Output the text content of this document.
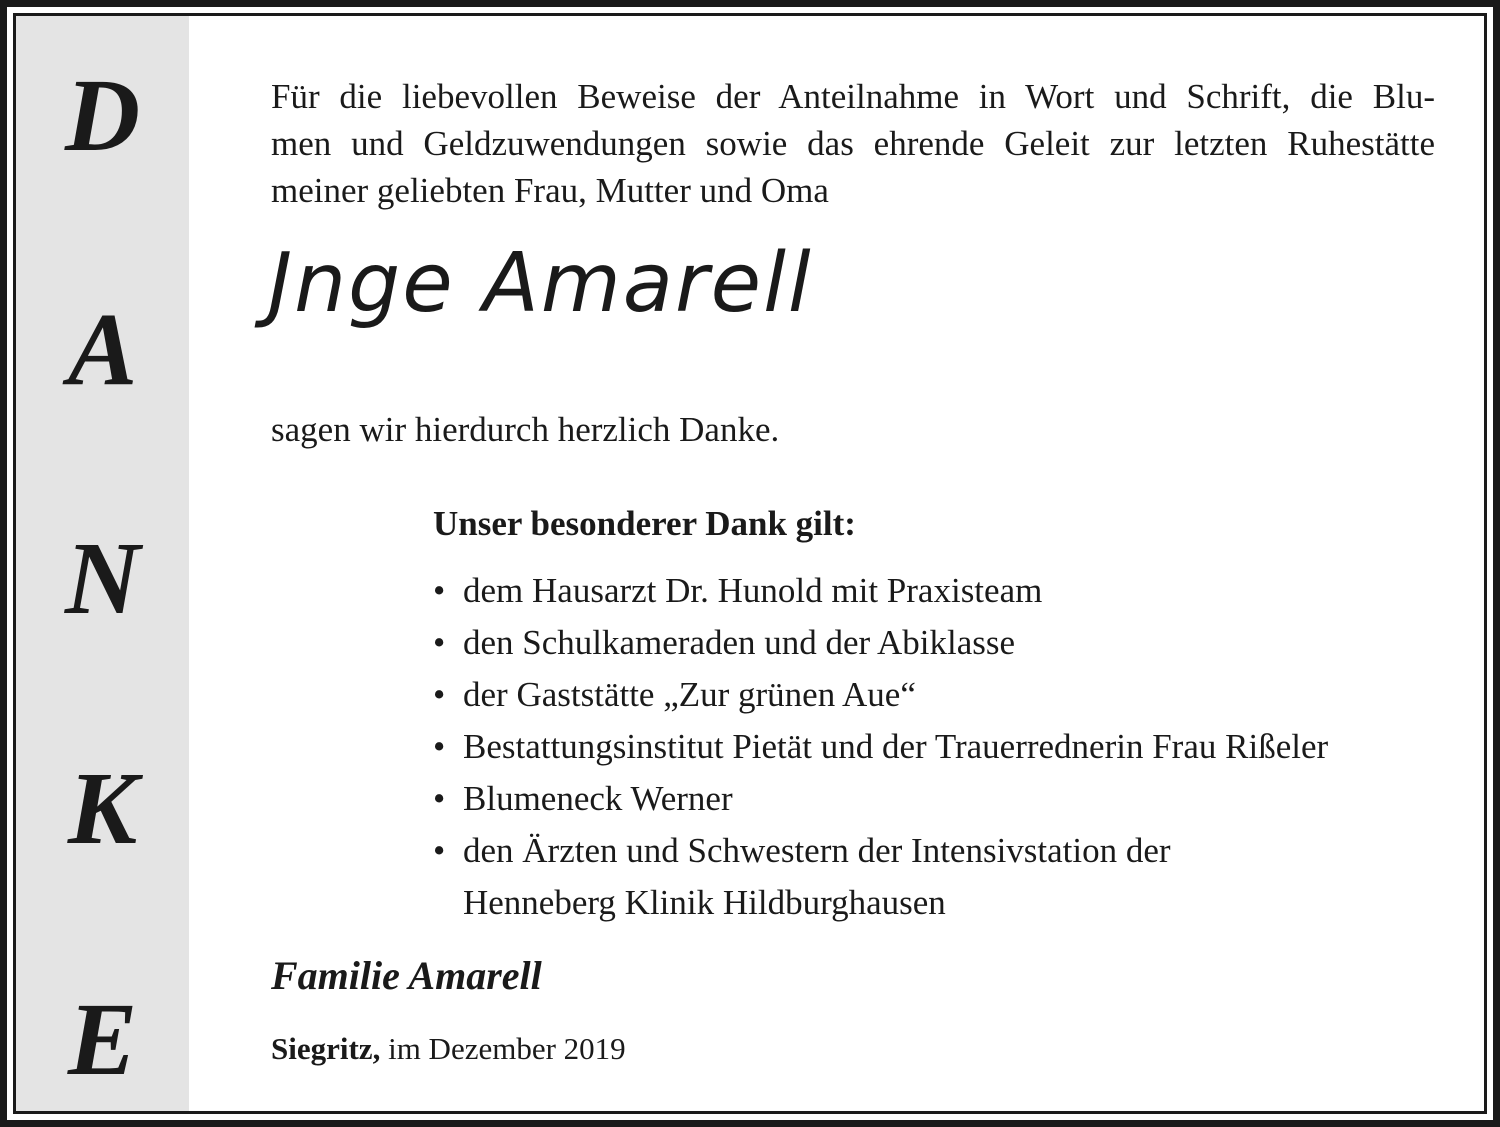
D
A
N
K
E

Für die liebevollen Beweise der Anteilnahme in Wort und Schrift, die Blu-
men und Geldzuwendungen sowie das ehrende Geleit zur letzten Ruhestätte
meiner geliebten Frau, Mutter und Oma

Jnge Amarell

sagen wir hierdurch herzlich Danke.

Unser besonderer Dank gilt:

• dem Hausarzt Dr. Hunold mit Praxisteam
• den Schulkameraden und der Abiklasse
• der Gaststätte „Zur grünen Aue“
• Bestattungsinstitut Pietät und der Trauerrednerin Frau Rißeler
• Blumeneck Werner
• den Ärzten und Schwestern der Intensivstation der
Henneberg Klinik Hildburghausen

Familie Amarell

Siegritz, im Dezember 2019
